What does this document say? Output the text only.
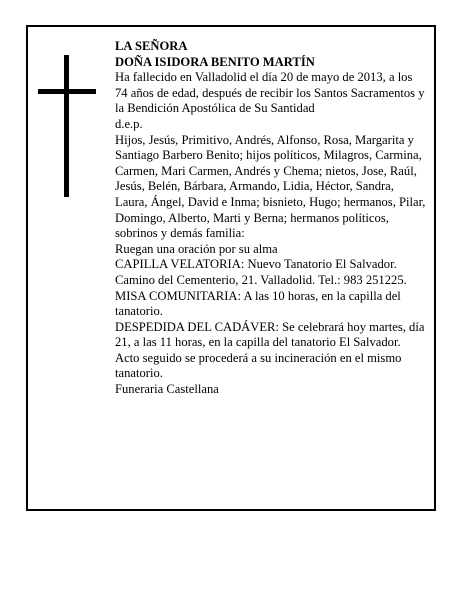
LA SEÑORA

DOÑA ISIDORA BENITO MARTÍN

Ha fallecido en Valladolid el día 20 de mayo de 2013, a los 74 años de edad, después de recibir los Santos Sacramentos y la Bendición Apostólica de Su Santidad

d.e.p.

Hijos, Jesús, Primitivo, Andrés, Alfonso, Rosa, Margarita y Santiago Barbero Benito; hijos políticos, Milagros, Carmina, Carmen, Mari Carmen, Andrés y Chema; nietos, Jose, Raúl, Jesús, Belén, Bárbara, Armando, Lidia, Héctor, Sandra, Laura, Ángel, David e Inma; bisnieto, Hugo; hermanos, Pilar, Domingo, Alberto, Marti y Berna; hermanos políticos, sobrinos y demás familia:

Ruegan una oración por su alma

CAPILLA VELATORIA: Nuevo Tanatorio El Salvador. Camino del Cementerio, 21. Valladolid. Tel.: 983 251225.

MISA COMUNITARIA: A las 10 horas, en la capilla del tanatorio.

DESPEDIDA DEL CADÁVER: Se celebrará hoy martes, día 21, a las 11 horas, en la capilla del tanatorio El Salvador. Acto seguido se procederá a su incineración en el mismo tanatorio.

Funeraria Castellana
